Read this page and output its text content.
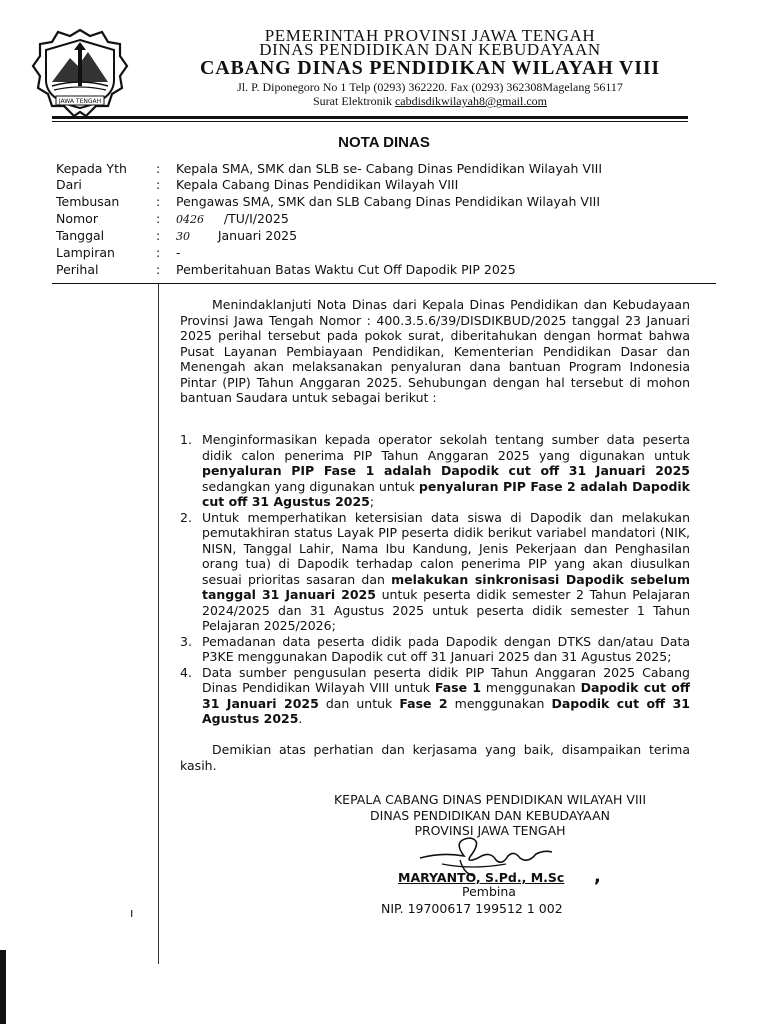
JAWA TENGAH
PEMERINTAH PROVINSI JAWA TENGAH
DINAS PENDIDIKAN DAN KEBUDAYAAN
CABANG DINAS PENDIDIKAN WILAYAH VIII
Jl. P. Diponegoro No 1 Telp (0293) 362220. Fax (0293) 362308Magelang 56117
Surat Elektronik cabdisdikwilayah8@gmail.com
NOTA DINAS
Kepada Yth : Kepala SMA, SMK dan SLB se- Cabang Dinas Pendidikan Wilayah VIII
Dari	: Kepala Cabang Dinas Pendidikan Wilayah VIII
Tembusan	: Pengawas SMA, SMK dan SLB Cabang Dinas Pendidikan Wilayah VIII
Nomor	: 0426 /TU/I/2025
Tanggal	: 30 Januari 2025
Lampiran	: -
Perihal	: Pemberitahuan Batas Waktu Cut Off Dapodik PIP 2025

Menindaklanjuti Nota Dinas dari Kepala Dinas Pendidikan dan Kebudayaan Provinsi Jawa Tengah Nomor : 400.3.5.6/39/DISDIKBUD/2025 tanggal 23 Januari 2025 perihal tersebut pada pokok surat, diberitahukan dengan hormat bahwa Pusat Layanan Pembiayaan Pendidikan, Kementerian Pendidikan Dasar dan Menengah akan melaksanakan penyaluran dana bantuan Program Indonesia Pintar (PIP) Tahun Anggaran 2025. Sehubungan dengan hal tersebut di mohon bantuan Saudara untuk sebagai berikut :

1. Menginformasikan kepada operator sekolah tentang sumber data peserta didik calon penerima PIP Tahun Anggaran 2025 yang digunakan untuk penyaluran PIP Fase 1 adalah Dapodik cut off 31 Januari 2025 sedangkan yang digunakan untuk penyaluran PIP Fase 2 adalah Dapodik cut off 31 Agustus 2025;
2. Untuk memperhatikan ketersisian data siswa di Dapodik dan melakukan pemutakhiran status Layak PIP peserta didik berikut variabel mandatori (NIK, NISN, Tanggal Lahir, Nama Ibu Kandung, Jenis Pekerjaan dan Penghasilan orang tua) di Dapodik terhadap calon penerima PIP yang akan diusulkan sesuai prioritas sasaran dan melakukan sinkronisasi Dapodik sebelum tanggal 31 Januari 2025 untuk peserta didik semester 2 Tahun Pelajaran 2024/2025 dan 31 Agustus 2025 untuk peserta didik semester 1 Tahun Pelajaran 2025/2026;
3. Pemadanan data peserta didik pada Dapodik dengan DTKS dan/atau Data P3KE menggunakan Dapodik cut off 31 Januari 2025 dan 31 Agustus 2025;
4. Data sumber pengusulan peserta didik PIP Tahun Anggaran 2025 Cabang Dinas Pendidikan Wilayah VIII untuk Fase 1 menggunakan Dapodik cut off 31 Januari 2025 dan untuk Fase 2 menggunakan Dapodik cut off 31 Agustus 2025.

Demikian atas perhatian dan kerjasama yang baik, disampaikan terima kasih.

KEPALA CABANG DINAS PENDIDIKAN WILAYAH VIII
DINAS PENDIDIKAN DAN KEBUDAYAAN
PROVINSI JAWA TENGAH
MARYANTO, S.Pd., M.Sc ,
Pembina
NIP. 19700617 199512 1 002
ı
